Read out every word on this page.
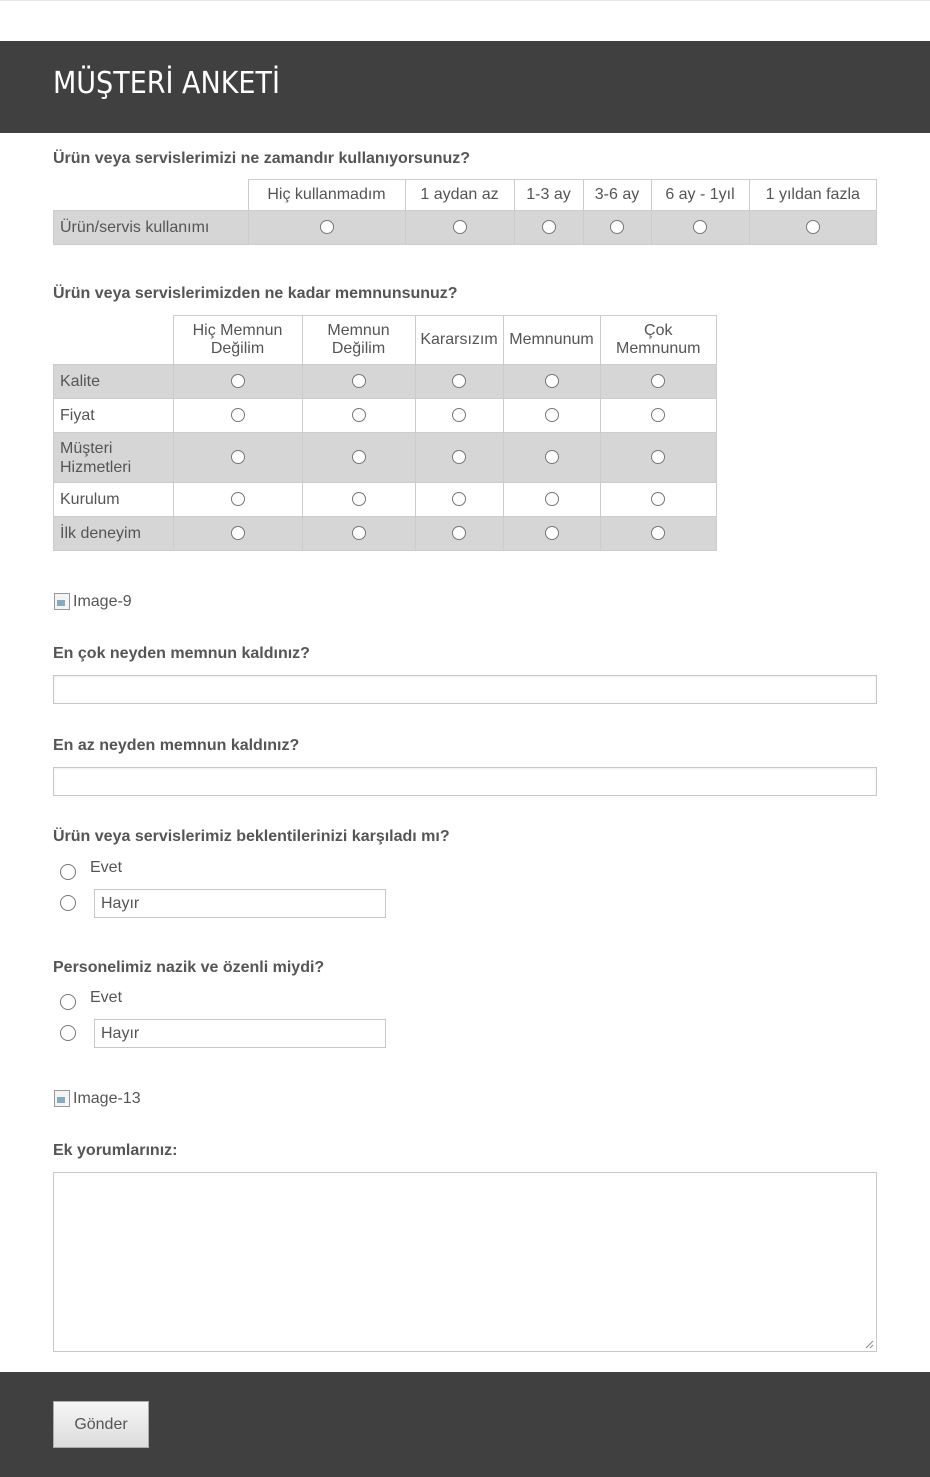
MÜŞTERİ ANKETİ
Ürün veya servislerimizi ne zamandır kullanıyorsunuz?
	Hiç kullanmadım	1 aydan az	1-3 ay	3-6 ay	6 ay - 1yıl	1 yıldan fazla
Ürün/servis kullanımı						
Ürün veya servislerimizden ne kadar memnunsunuz?
	Hiç Memnun Değilim	Memnun Değilim	Kararsızım	Memnunum	Çok Memnunum
Kalite					
Fiyat					
Müşteri Hizmetleri					
Kurulum					
İlk deneyim					
Image-9
En çok neyden memnun kaldınız?
En az neyden memnun kaldınız?
Ürün veya servislerimiz beklentilerinizi karşıladı mı?
Evet
Hayır
Personelimiz nazik ve özenli miydi?
Evet
Hayır
Image-13
Ek yorumlarınız:
Gönder
